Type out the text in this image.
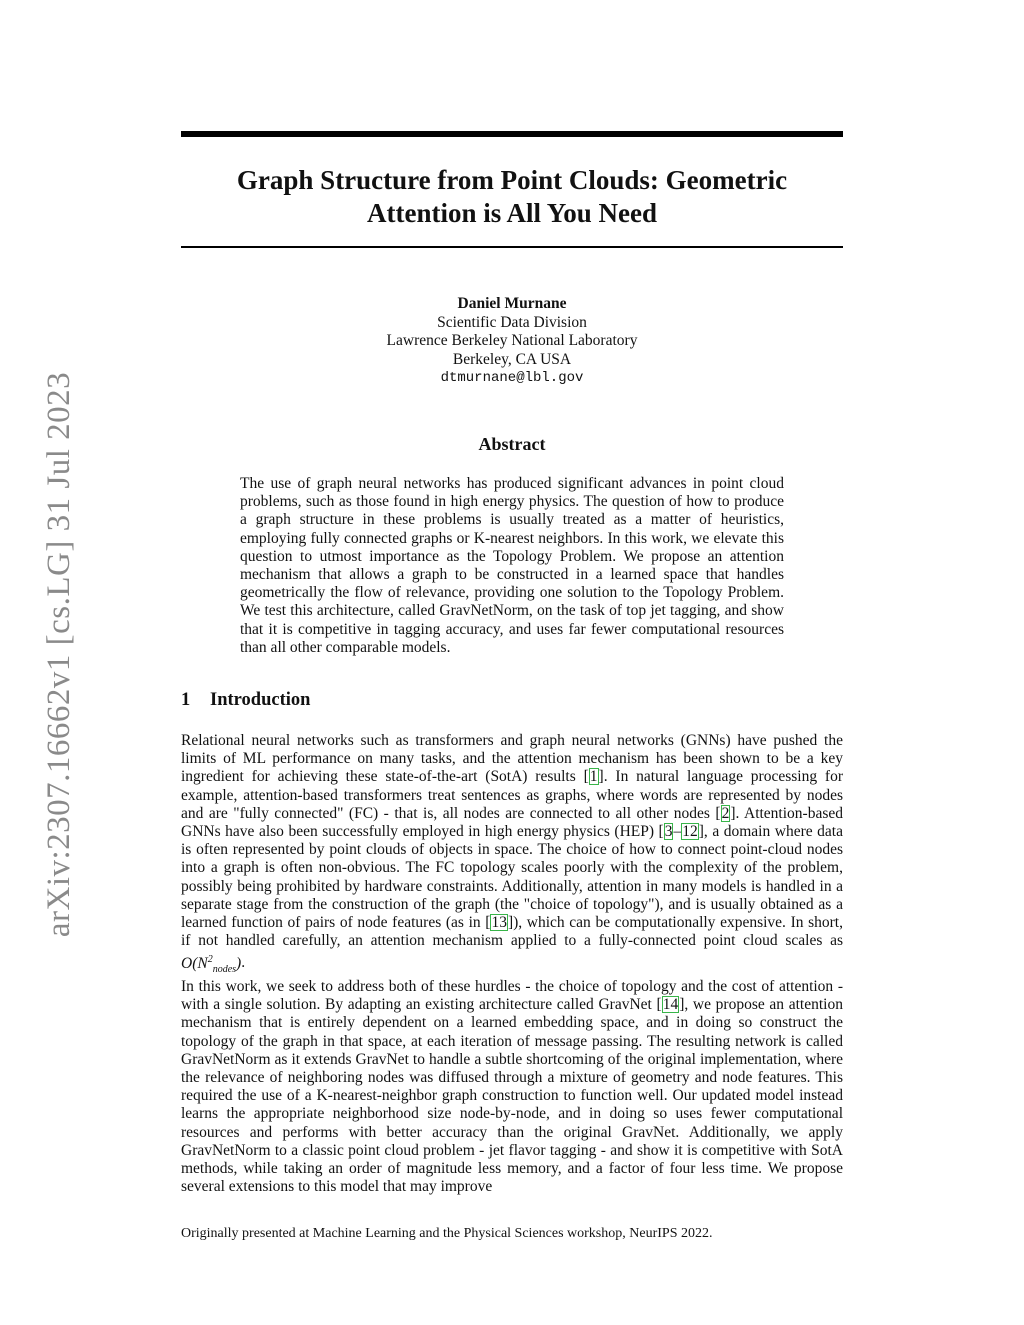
arXiv:2307.16662v1 [cs.LG] 31 Jul 2023
Graph Structure from Point Clouds: Geometric
Attention is All You Need
Daniel Murnane
Scientific Data Division
Lawrence Berkeley National Laboratory
Berkeley, CA USA
dtmurnane@lbl.gov
Abstract

The use of graph neural networks has produced significant advances in point cloud problems, such as those found in high energy physics. The question of how to produce a graph structure in these problems is usually treated as a matter of heuristics, employing fully connected graphs or K-nearest neighbors. In this work, we elevate this question to utmost importance as the Topology Problem. We propose an attention mechanism that allows a graph to be constructed in a learned space that handles geometrically the flow of relevance, providing one solution to the Topology Problem. We test this architecture, called GravNetNorm, on the task of top jet tagging, and show that it is competitive in tagging accuracy, and uses far fewer computational resources than all other comparable models.

1 Introduction

Relational neural networks such as transformers and graph neural networks (GNNs) have pushed the limits of ML performance on many tasks, and the attention mechanism has been shown to be a key ingredient for achieving these state-of-the-art (SotA) results [1]. In natural language processing for example, attention-based transformers treat sentences as graphs, where words are represented by nodes and are "fully connected" (FC) - that is, all nodes are connected to all other nodes [2]. Attention-based GNNs have also been successfully employed in high energy physics (HEP) [3–12], a domain where data is often represented by point clouds of objects in space. The choice of how to connect point-cloud nodes into a graph is often non-obvious. The FC topology scales poorly with the complexity of the problem, possibly being prohibited by hardware constraints. Additionally, attention in many models is handled in a separate stage from the construction of the graph (the "choice of topology"), and is usually obtained as a learned function of pairs of node features (as in [13]), which can be computationally expensive. In short, if not handled carefully, an attention mechanism applied to a fully-connected point cloud scales as $O(N^2_{nodes})$.

In this work, we seek to address both of these hurdles - the choice of topology and the cost of attention - with a single solution. By adapting an existing architecture called GravNet [14], we propose an attention mechanism that is entirely dependent on a learned embedding space, and in doing so construct the topology of the graph in that space, at each iteration of message passing. The resulting network is called GravNetNorm as it extends GravNet to handle a subtle shortcoming of the original implementation, where the relevance of neighboring nodes was diffused through a mixture of geometry and node features. This required the use of a K-nearest-neighbor graph construction to function well. Our updated model instead learns the appropriate neighborhood size node-by-node, and in doing so uses fewer computational resources and performs with better accuracy than the original GravNet. Additionally, we apply GravNetNorm to a classic point cloud problem - jet flavor tagging - and show it is competitive with SotA methods, while taking an order of magnitude less memory, and a factor of four less time. We propose several extensions to this model that may improve

Originally presented at Machine Learning and the Physical Sciences workshop, NeurIPS 2022.
